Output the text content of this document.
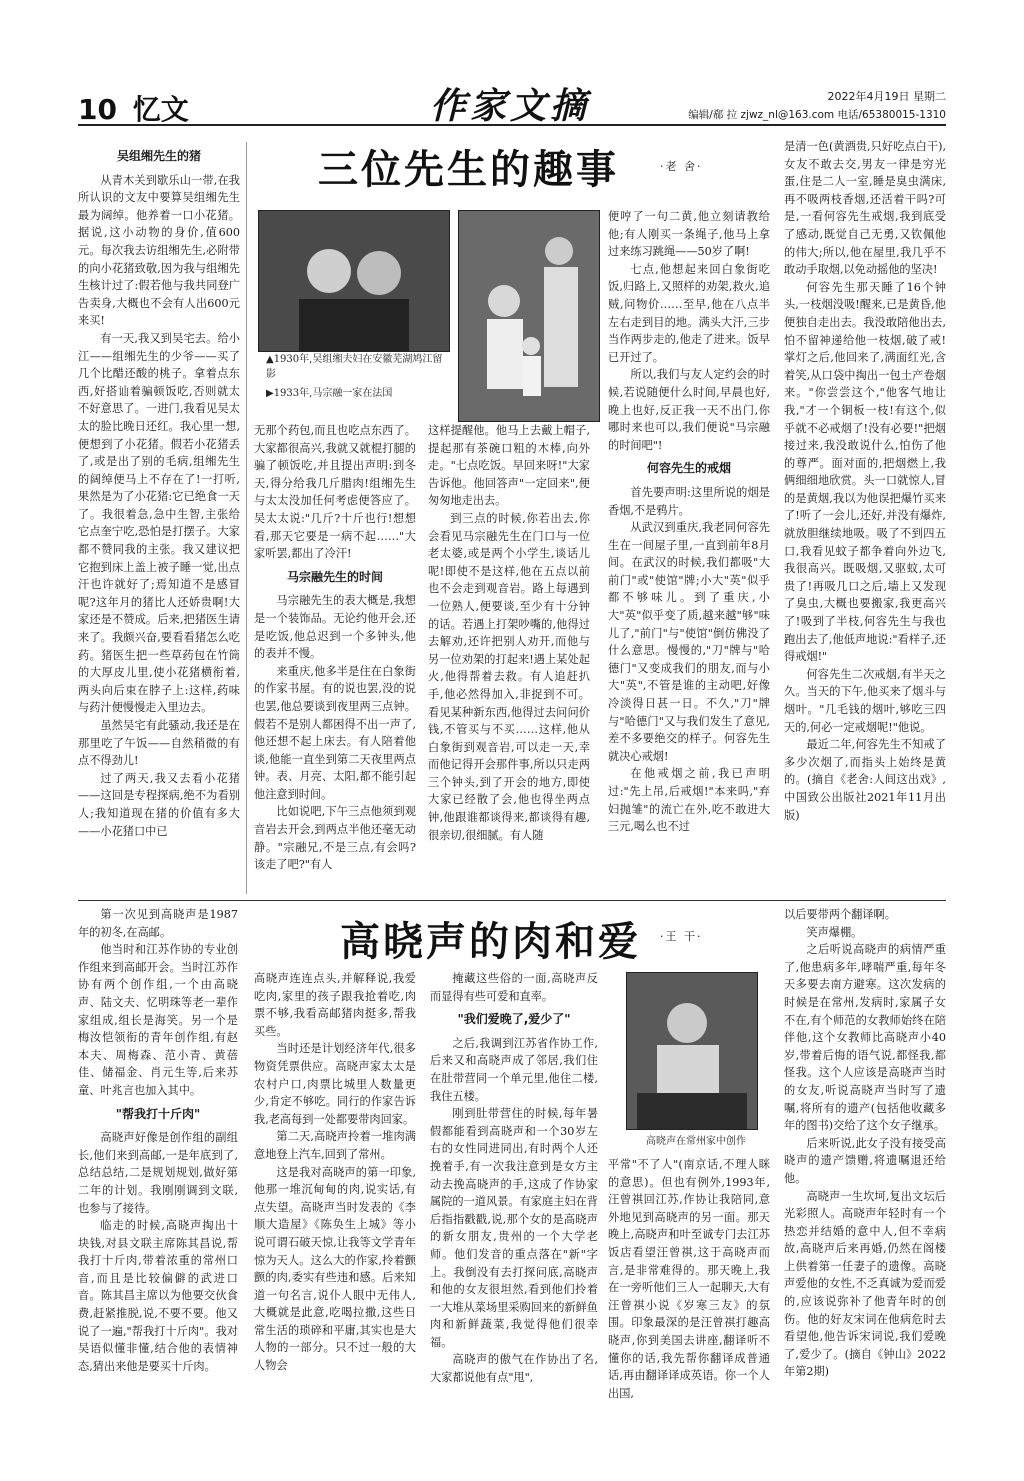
10 忆文	作家文摘	2022年4月19日 星期二
编辑/郗 拉 zjwz_nl@163.com 电话/65380015-1310
三位先生的趣事	·老 舍·
▲1930年,吴组缃夫妇在安徽芜湖鸠江留影
▶1933年,马宗融一家在法国
吴组缃先生的猪

从青木关到歇乐山一带,在我所认识的文友中要算吴组缃先生最为阔绰。他养着一口小花猪。据说,这小动物的身价,值600元。每次我去访组缃先生,必附带的向小花猪致敬,因为我与组缃先生核计过了:假若他与我共同登广告卖身,大概也不会有人出600元来买!

有一天,我又到吴宅去。给小江——组缃先生的少爷——买了几个比醋还酸的桃子。拿着点东西,好搭讪着骗顿饭吃,否则就太不好意思了。一进门,我看见吴太太的脸比晚日还红。我心里一想,便想到了小花猪。假若小花猪丢了,或是出了别的毛病,组缃先生的阔绰便马上不存在了!一打听,果然是为了小花猪:它已绝食一天了。我很着急,急中生智,主张给它点奎宁吃,恐怕是打摆子。大家都不赞同我的主张。我又建议把它抱到床上盖上被子睡一觉,出点汗也许就好了;焉知道不是感冒呢?这年月的猪比人还娇贵啊!大家还是不赞成。后来,把猪医生请来了。我颇兴奋,要看看猪怎么吃药。猪医生把一些草药包在竹筒的大厚皮儿里,使小花猪横衔着,两头向后束在脖子上:这样,药味与药汁便慢慢走入里边去。

虽然吴宅有此骚动,我还是在那里吃了午饭——自然稍微的有点不得劲儿!

过了两天,我又去看小花猪——这回是专程探病,绝不为看别人;我知道现在猪的价值有多大——小花猪口中已

无那个药包,而且也吃点东西了。大家都很高兴,我就又就棍打腿的骗了顿饭吃,并且提出声明:到冬天,得分给我几斤腊肉!组缃先生与太太没加任何考虑便答应了。吴太太说:"几斤?十斤也行!想想看,那天它要是一病不起……"大家听罢,都出了冷汗!

马宗融先生的时间

马宗融先生的表大概是,我想是一个装饰品。无论约他开会,还是吃饭,他总迟到一个多钟头,他的表并不慢。

来重庆,他多半是住在白象街的作家书屋。有的说也罢,没的说也罢,他总要谈到夜里两三点钟。假若不是别人都困得不出一声了,他还想不起上床去。有人陪着他谈,他能一直坐到第二天夜里两点钟。表、月亮、太阳,都不能引起他注意到时间。

比如说吧,下午三点他须到观音岩去开会,到两点半他还毫无动静。"宗融兄,不是三点,有会吗?该走了吧?"有人

这样提醒他。他马上去戴上帽子,提起那有茶碗口粗的木棒,向外走。"七点吃饭。早回来呀!"大家告诉他。他回答声"一定回来",便匆匆地走出去。

到三点的时候,你若出去,你会看见马宗融先生在门口与一位老太婆,或是两个小学生,谈话儿呢!即使不是这样,他在五点以前也不会走到观音岩。路上每遇到一位熟人,便要谈,至少有十分钟的话。若遇上打架吵嘴的,他得过去解劝,还许把别人劝开,而他与另一位劝架的打起来!遇上某处起火,他得帮着去救。有人追赶扒手,他必然得加入,非捉到不可。看见某种新东西,他得过去问问价钱,不管买与不买……这样,他从白象街到观音岩,可以走一天,幸而他记得开会那件事,所以只走两三个钟头,到了开会的地方,即使大家已经散了会,他也得坐两点钟,他跟谁都谈得来,都谈得有趣,很亲切,很细腻。有人随

便哼了一句二黄,他立刻请教给他;有人刚买一条绳子,他马上拿过来练习跳绳——50岁了啊!

七点,他想起来回白象街吃饭,归路上,又照样的劝架,救火,追贼,问物价……至早,他在八点半左右走到目的地。满头大汗,三步当作两步走的,他走了进来。饭早已开过了。

所以,我们与友人定约会的时候,若说随便什么时间,早晨也好,晚上也好,反正我一天不出门,你哪时来也可以,我们便说"马宗融的时间吧"!

何容先生的戒烟

首先要声明:这里所说的烟是香烟,不是鸦片。

从武汉到重庆,我老同何容先生在一间屋子里,一直到前年8月间。在武汉的时候,我们都吸"大前门"或"使馆"牌;小大"英"似乎都不够味儿。到了重庆,小大"英"似乎变了质,越来越"够"味儿了,"前门"与"使馆"倒仿佛没了什么意思。慢慢的,"刀"牌与"哈德门"又变成我们的朋友,而与小大"英",不管是谁的主动吧,好像冷淡得日甚一日。不久,"刀"牌与"哈德门"又与我们发生了意见,差不多要绝交的样子。何容先生就决心戒烟!

在他戒烟之前,我已声明过:"先上吊,后戒烟!"本来吗,"弃妇抛雏"的流亡在外,吃不敢进大三元,喝么也不过

是清一色(黄酒贵,只好吃点白干),女友不敢去交,男友一律是穷光蛋,住是二人一室,睡是臭虫满床,再不吸两枝香烟,还活着干吗?可是,一看何容先生戒烟,我到底受了感动,既觉自己无勇,又钦佩他的伟大;所以,他在屋里,我几乎不敢动手取烟,以免动摇他的坚决!

何容先生那天睡了16个钟头,一枝烟没吸!醒来,已是黄昏,他便独自走出去。我没敢陪他出去,怕不留神递给他一枝烟,破了戒!掌灯之后,他回来了,满面红光,含着笑,从口袋中掏出一包土产卷烟来。"你尝尝这个,"他客气地让我,"才一个铜板一枝!有这个,似乎就不必戒烟了!没有必要!"把烟接过来,我没敢说什么,怕伤了他的尊严。面对面的,把烟燃上,我俩细细地欣赏。头一口就惊人,冒的是黄烟,我以为他误把爆竹买来了!听了一会儿,还好,并没有爆炸,就放胆继续地吸。吸了不到四五口,我看见蚊子都争着向外边飞,我很高兴。既吸烟,又驱蚊,太可贵了!再吸几口之后,墙上又发现了臭虫,大概也要搬家,我更高兴了!吸到了半枝,何容先生与我也跑出去了,他低声地说:"看样子,还得戒烟!"

何容先生二次戒烟,有半天之久。当天的下午,他买来了烟斗与烟叶。"几毛钱的烟叶,够吃三四天的,何必一定戒烟呢!"他说。

最近二年,何容先生不知戒了多少次烟了,而指头上始终是黄的。(摘自《老舍:人间这出戏》,中国致公出版社2021年11月出版)

高晓声的肉和爱 ·王 干·
高晓声在常州家中创作

第一次见到高晓声是1987年的初冬,在高邮。

他当时和江苏作协的专业创作组来到高邮开会。当时江苏作协有两个创作组,一个由高晓声、陆文夫、忆明珠等老一辈作家组成,组长是海笑。另一个是梅汝恺领衔的青年创作组,有赵本夫、周梅森、范小青、黄蓓佳、储福金、肖元生等,后来苏童、叶兆言也加入其中。

"帮我打十斤肉"

高晓声好像是创作组的副组长,他们来到高邮,一是年底到了,总结总结,二是规划规划,做好第二年的计划。我刚刚调到文联,也参与了接待。

临走的时候,高晓声掏出十块钱,对县文联主席陈其昌说,帮我打十斤肉,带着浓重的常州口音,而且是比较偏僻的武进口音。陈其昌主席以为他要交伙食费,赶紧推脱,说,不要不要。他又说了一遍,"帮我打十斤肉"。我对吴语似懂非懂,结合他的表情神态,猜出来他是要买十斤肉。

高晓声连连点头,并解释说,我爱吃肉,家里的孩子跟我抢着吃,肉票不够,我看高邮猪肉挺多,帮我买些。

当时还是计划经济年代,很多物资凭票供应。高晓声家太太是农村户口,肉票比城里人数量更少,肯定不够吃。同行的作家告诉我,老高每到一处都要带肉回家。

第二天,高晓声拎着一堆肉满意地登上汽车,回到了常州。

这是我对高晓声的第一印象,他那一堆沉甸甸的肉,说实话,有点失望。高晓声当时发表的《李顺大造屋》《陈奂生上城》等小说可谓石破天惊,让我等文学青年惊为天人。这么大的作家,拎着颤颤的肉,委实有些违和感。后来知道一句名言,说仆人眼中无伟人,大概就是此意,吃喝拉撒,这些日常生活的琐碎和平庸,其实也是大人物的一部分。只不过一般的大人物会

掩藏这些俗的一面,高晓声反而显得有些可爱和直率。

"我们爱晚了,爱少了"

之后,我调到江苏省作协工作,后来又和高晓声成了邻居,我们住在肚带营同一个单元里,他住二楼,我住五楼。

刚到肚带营住的时候,每年暑假都能看到高晓声和一个30岁左右的女性同进同出,有时两个人还挽着手,有一次我注意到是女方主动去挽高晓声的手,这成了作协家属院的一道风景。有家庭主妇在背后指指戳戳,说,那个女的是高晓声的新女朋友,贵州的一个大学老师。他们发音的重点落在"新"字上。我倒没有去打探问底,高晓声和他的女友很坦然,看到他们拎着一大堆从菜场里采购回来的新鲜鱼肉和新鲜蔬菜,我觉得他们很幸福。

高晓声的傲气在作协出了名,大家都说他有点"甩",

平常"不了人"(南京话,不理人眯的意思)。但也有例外,1993年,汪曾祺回江苏,作协让我陪同,意外地见到高晓声的另一面。那天晚上,高晓声和叶至诚专门去江苏饭店看望汪曾祺,这于高晓声而言,是非常难得的。那天晚上,我在一旁听他们三人一起聊天,大有汪曾祺小说《岁寒三友》的氛围。印象最深的是汪曾祺打趣高晓声,你到美国去讲座,翻译听不懂你的话,我先帮你翻译成普通话,再由翻译译成英语。你一个人出国,

以后要带两个翻译啊。

笑声爆棚。

之后听说高晓声的病情严重了,他患病多年,哮喘严重,每年冬天多要去南方避寒。这次发病的时候是在常州,发病时,家属子女不在,有个师范的女教师始终在陪伴他,这个女教师比高晓声小40岁,带着后悔的语气说,都怪我,都怪我。这个人应该是高晓声当时的女友,听说高晓声当时写了遗嘱,将所有的遗产(包括他收藏多年的图书)交给了这个女子继承。

后来听说,此女子没有接受高晓声的遗产馈赠,将遗嘱退还给他。

高晓声一生坎坷,复出文坛后光彩照人。高晓声年轻时有一个热恋并结婚的意中人,但不幸病故,高晓声后来再婚,仍然在阁楼上供着第一任妻子的遗像。高晓声爱他的女性,不乏真诚为爱而爱的,应该说弥补了他青年时的创伤。他的好友宋词在他病危时去看望他,他告诉宋词说,我们爱晚了,爱少了。(摘自《钟山》2022年第2期)
